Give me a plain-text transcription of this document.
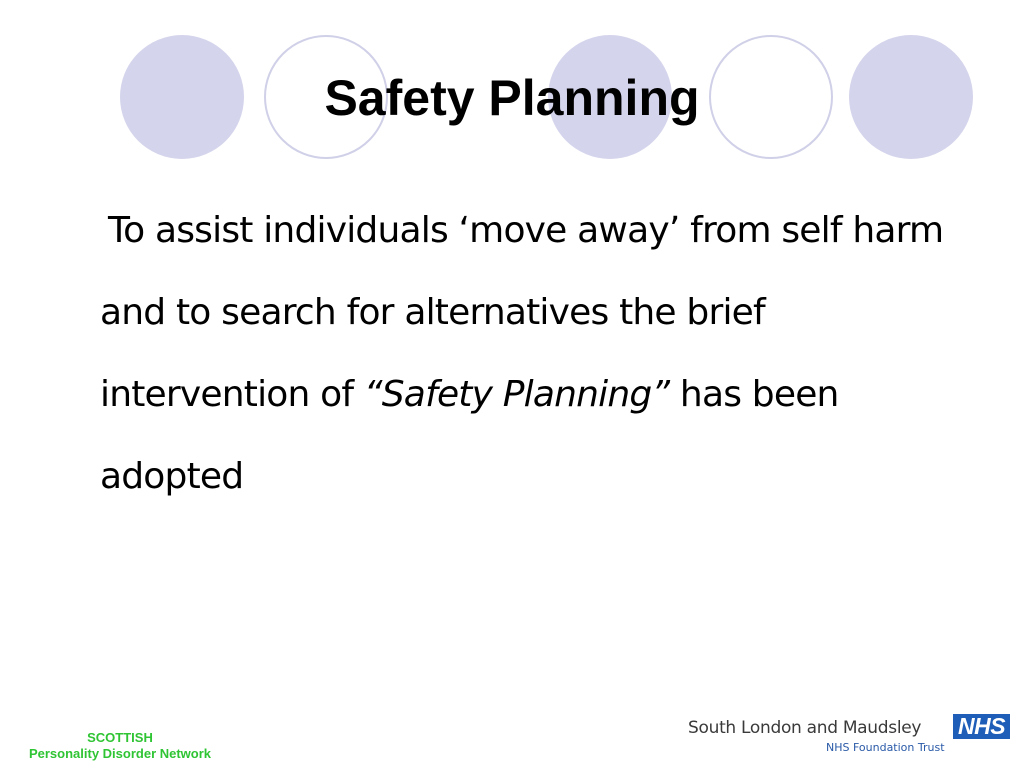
Safety Planning

To assist individuals ‘move away’ from self harm and to search for alternatives the brief intervention of “Safety Planning” has been adopted

SCOTTISH
Personality Disorder Network
South London and Maudsley NHS
NHS Foundation Trust
